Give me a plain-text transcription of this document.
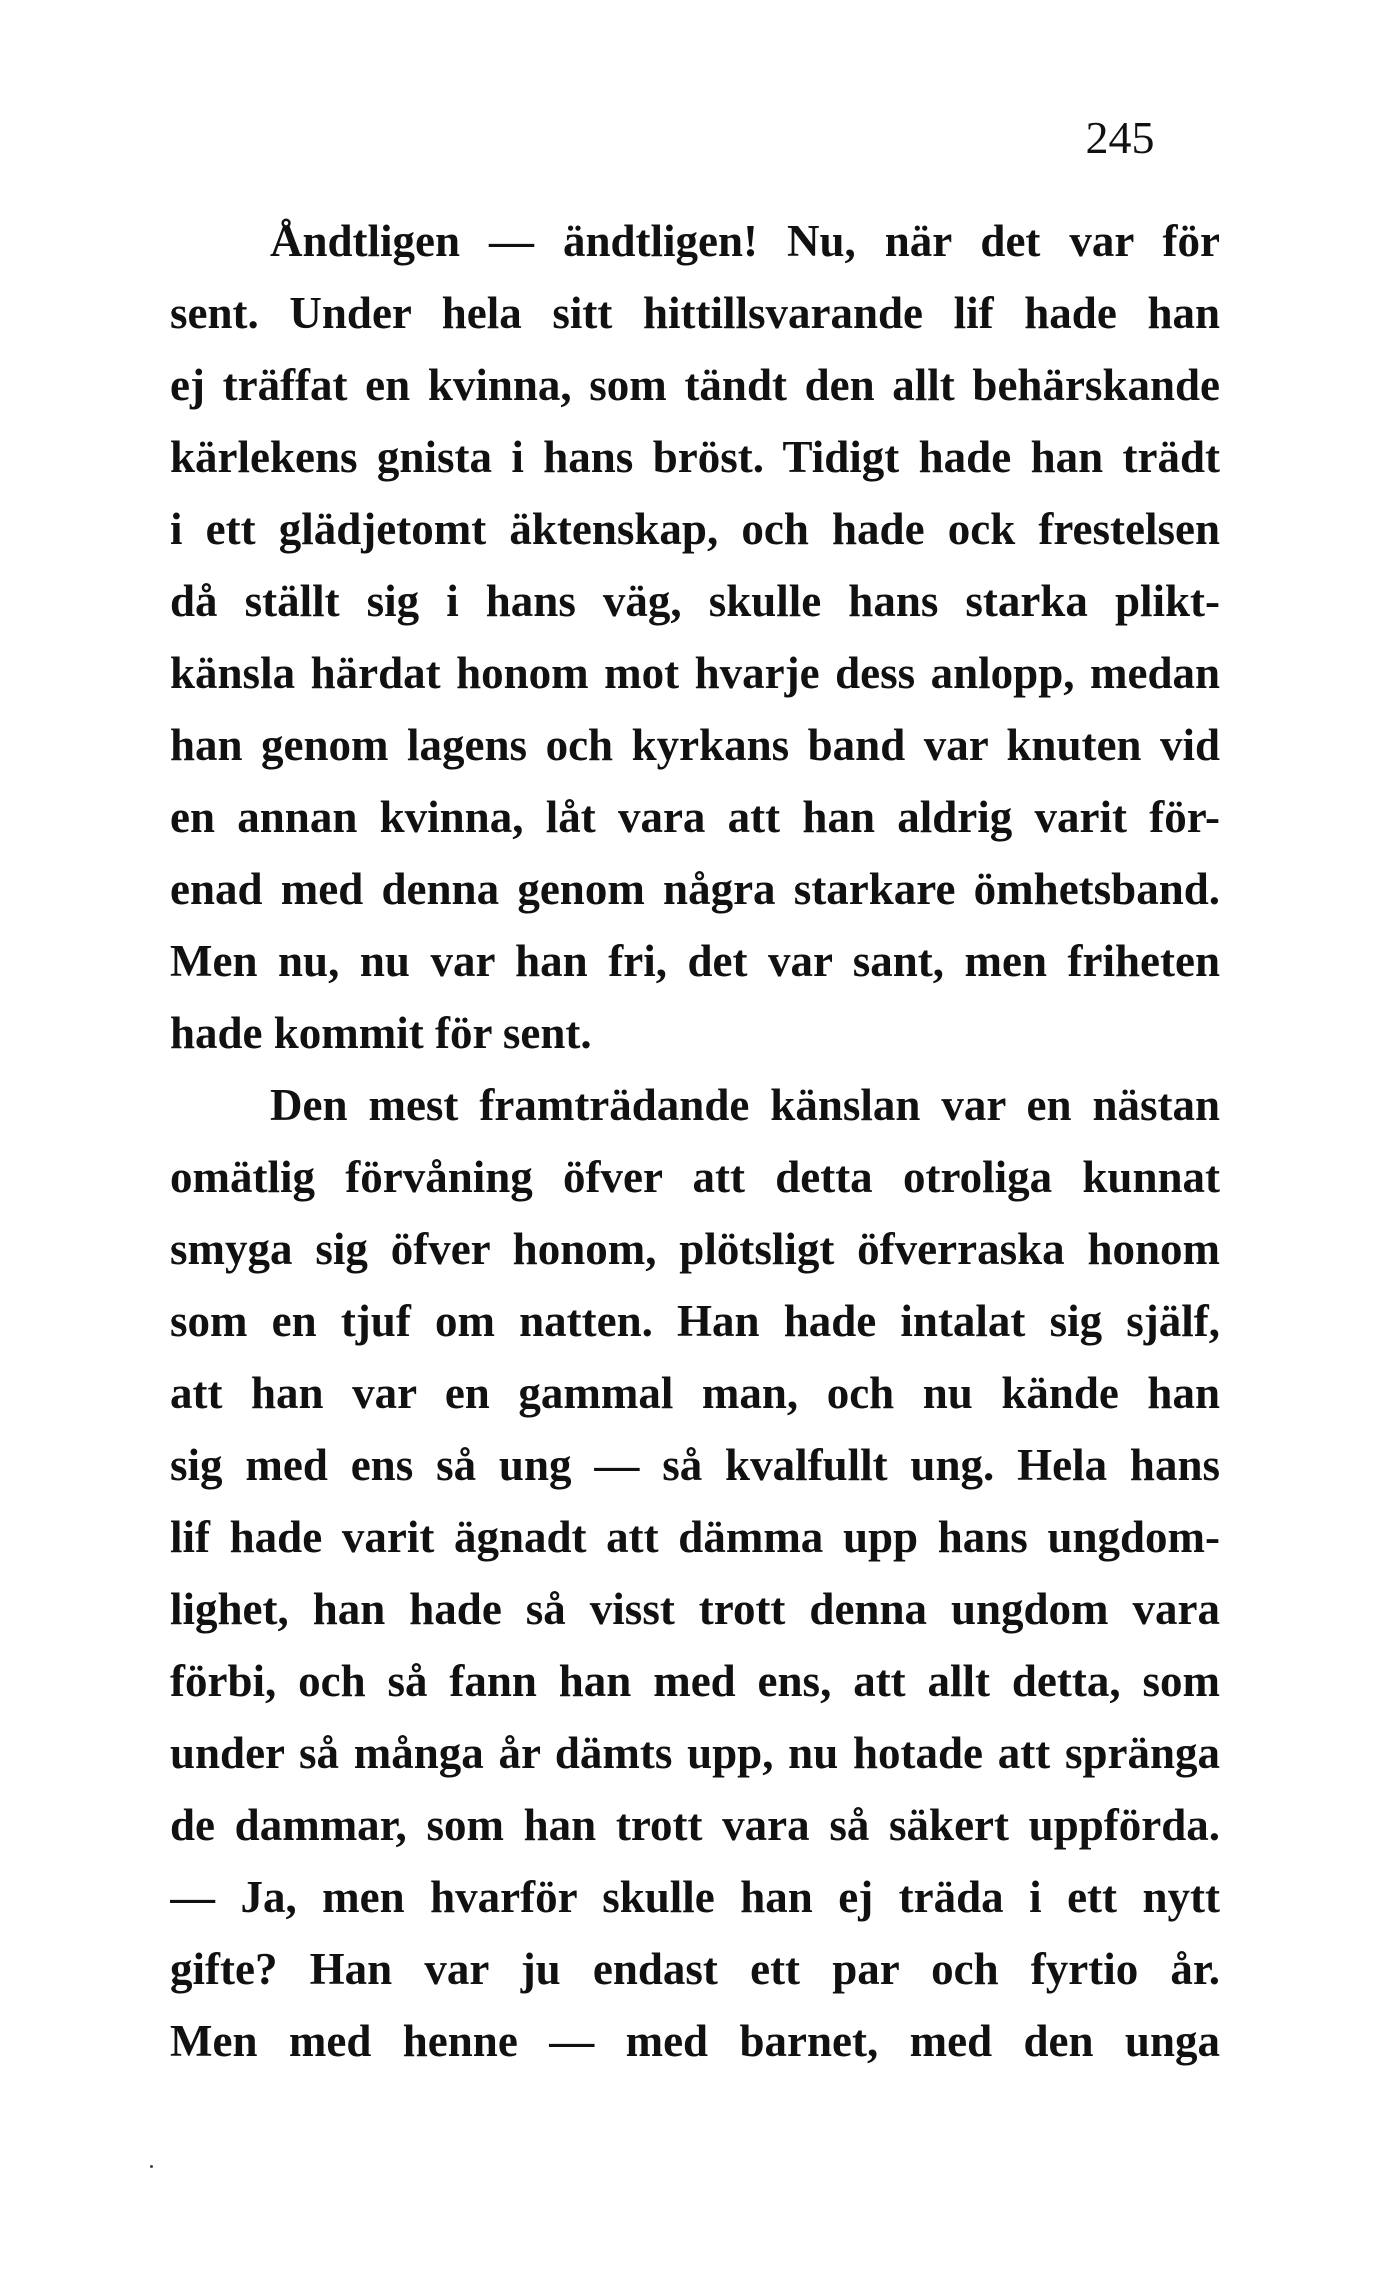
245
Åndtligen — ändtligen! Nu, när det var för
sent. Under hela sitt hittillsvarande lif hade han
ej träffat en kvinna, som tändt den allt behärskande
kärlekens gnista i hans bröst. Tidigt hade han trädt
i ett glädjetomt äktenskap, och hade ock frestelsen
då ställt sig i hans väg, skulle hans starka plikt-
känsla härdat honom mot hvarje dess anlopp, medan
han genom lagens och kyrkans band var knuten vid
en annan kvinna, låt vara att han aldrig varit för-
enad med denna genom några starkare ömhetsband.
Men nu, nu var han fri, det var sant, men friheten
hade kommit för sent.
Den mest framträdande känslan var en nästan
omätlig förvåning öfver att detta otroliga kunnat
smyga sig öfver honom, plötsligt öfverraska honom
som en tjuf om natten. Han hade intalat sig själf,
att han var en gammal man, och nu kände han
sig med ens så ung — så kvalfullt ung. Hela hans
lif hade varit ägnadt att dämma upp hans ungdom-
lighet, han hade så visst trott denna ungdom vara
förbi, och så fann han med ens, att allt detta, som
under så många år dämts upp, nu hotade att spränga
de dammar, som han trott vara så säkert uppförda.
— Ja, men hvarför skulle han ej träda i ett nytt
gifte? Han var ju endast ett par och fyrtio år.
Men med henne — med barnet, med den unga
